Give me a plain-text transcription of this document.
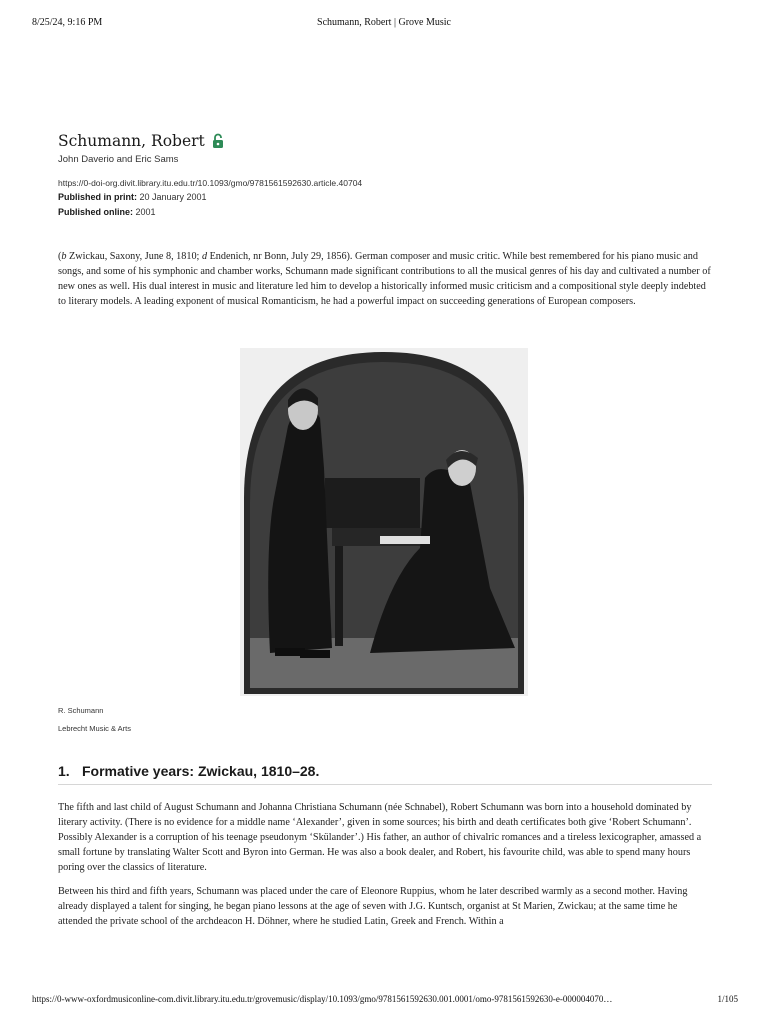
8/25/24, 9:16 PM	Schumann, Robert | Grove Music
Schumann, Robert
John Daverio and Eric Sams
https://0-doi-org.divit.library.itu.edu.tr/10.1093/gmo/9781561592630.article.40704
Published in print: 20 January 2001
Published online: 2001

(b Zwickau, Saxony, June 8, 1810; d Endenich, nr Bonn, July 29, 1856). German composer and music critic. While best remembered for his piano music and songs, and some of his symphonic and chamber works, Schumann made significant contributions to all the musical genres of his day and cultivated a number of new ones as well. His dual interest in music and literature led him to develop a historically informed music criticism and a compositional style deeply indebted to literary models. A leading exponent of musical Romanticism, he had a powerful impact on succeeding generations of European composers.

R. Schumann
Lebrecht Music & Arts
1. Formative years: Zwickau, 1810–28.

The fifth and last child of August Schumann and Johanna Christiana Schumann (née Schnabel), Robert Schumann was born into a household dominated by literary activity. (There is no evidence for a middle name ‘Alexander’, given in some sources; his birth and death certificates both give ‘Robert Schumann’. Possibly Alexander is a corruption of his teenage pseudonym ‘Skülander’.) His father, an author of chivalric romances and a tireless lexicographer, amassed a small fortune by translating Walter Scott and Byron into German. He was also a book dealer, and Robert, his favourite child, was able to spend many hours poring over the classics of literature.

Between his third and fifth years, Schumann was placed under the care of Eleonore Ruppius, whom he later described warmly as a second mother. Having already displayed a talent for singing, he began piano lessons at the age of seven with J.G. Kuntsch, organist at St Marien, Zwickau; at the same time he attended the private school of the archdeacon H. Döhner, where he studied Latin, Greek and French. Within a

https://0-www-oxfordmusiconline-com.divit.library.itu.edu.tr/grovemusic/display/10.1093/gmo/9781561592630.001.0001/omo-9781561592630-e-000004070…	1/105
